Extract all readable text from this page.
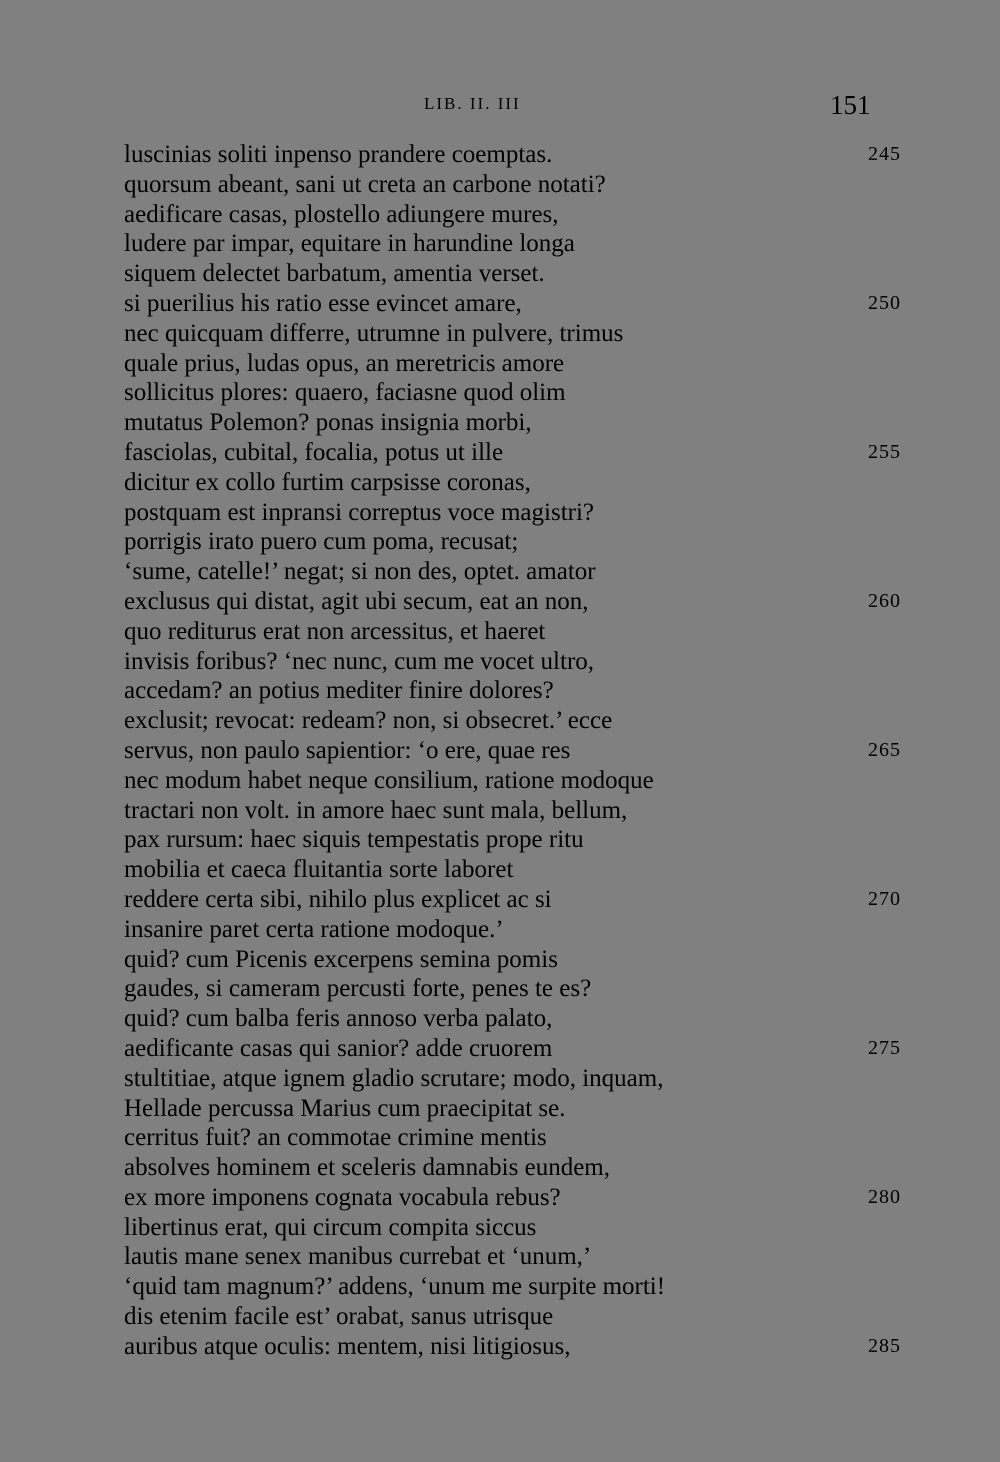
LIB. II. III	151
luscinias soliti inpenso prandere coemptas.	245
quorsum abeant, sani ut creta an carbone notati?
aedificare casas, plostello adiungere mures,
ludere par impar, equitare in harundine longa
siquem delectet barbatum, amentia verset.
si puerilius his ratio esse evincet amare,	250
nec quicquam differre, utrumne in pulvere, trimus
quale prius, ludas opus, an meretricis amore
sollicitus plores: quaero, faciasne quod olim
mutatus Polemon? ponas insignia morbi,
fasciolas, cubital, focalia, potus ut ille	255
dicitur ex collo furtim carpsisse coronas,
postquam est inpransi correptus voce magistri?
porrigis irato puero cum poma, recusat;
‘sume, catelle!’ negat; si non des, optet. amator
exclusus qui distat, agit ubi secum, eat an non,	260
quo rediturus erat non arcessitus, et haeret
invisis foribus? ‘nec nunc, cum me vocet ultro,
accedam? an potius mediter finire dolores?
exclusit; revocat: redeam? non, si obsecret.’ ecce
servus, non paulo sapientior: ‘o ere, quae res	265
nec modum habet neque consilium, ratione modoque
tractari non volt. in amore haec sunt mala, bellum,
pax rursum: haec siquis tempestatis prope ritu
mobilia et caeca fluitantia sorte laboret
reddere certa sibi, nihilo plus explicet ac si	270
insanire paret certa ratione modoque.’
quid? cum Picenis excerpens semina pomis
gaudes, si cameram percusti forte, penes te es?
quid? cum balba feris annoso verba palato,
aedificante casas qui sanior? adde cruorem	275
stultitiae, atque ignem gladio scrutare; modo, inquam,
Hellade percussa Marius cum praecipitat se.
cerritus fuit? an commotae crimine mentis
absolves hominem et sceleris damnabis eundem,
ex more imponens cognata vocabula rebus?	280
libertinus erat, qui circum compita siccus
lautis mane senex manibus currebat et ‘unum,’
‘quid tam magnum?’ addens, ‘unum me surpite morti!
dis etenim facile est’ orabat, sanus utrisque
auribus atque oculis: mentem, nisi litigiosus,	285
